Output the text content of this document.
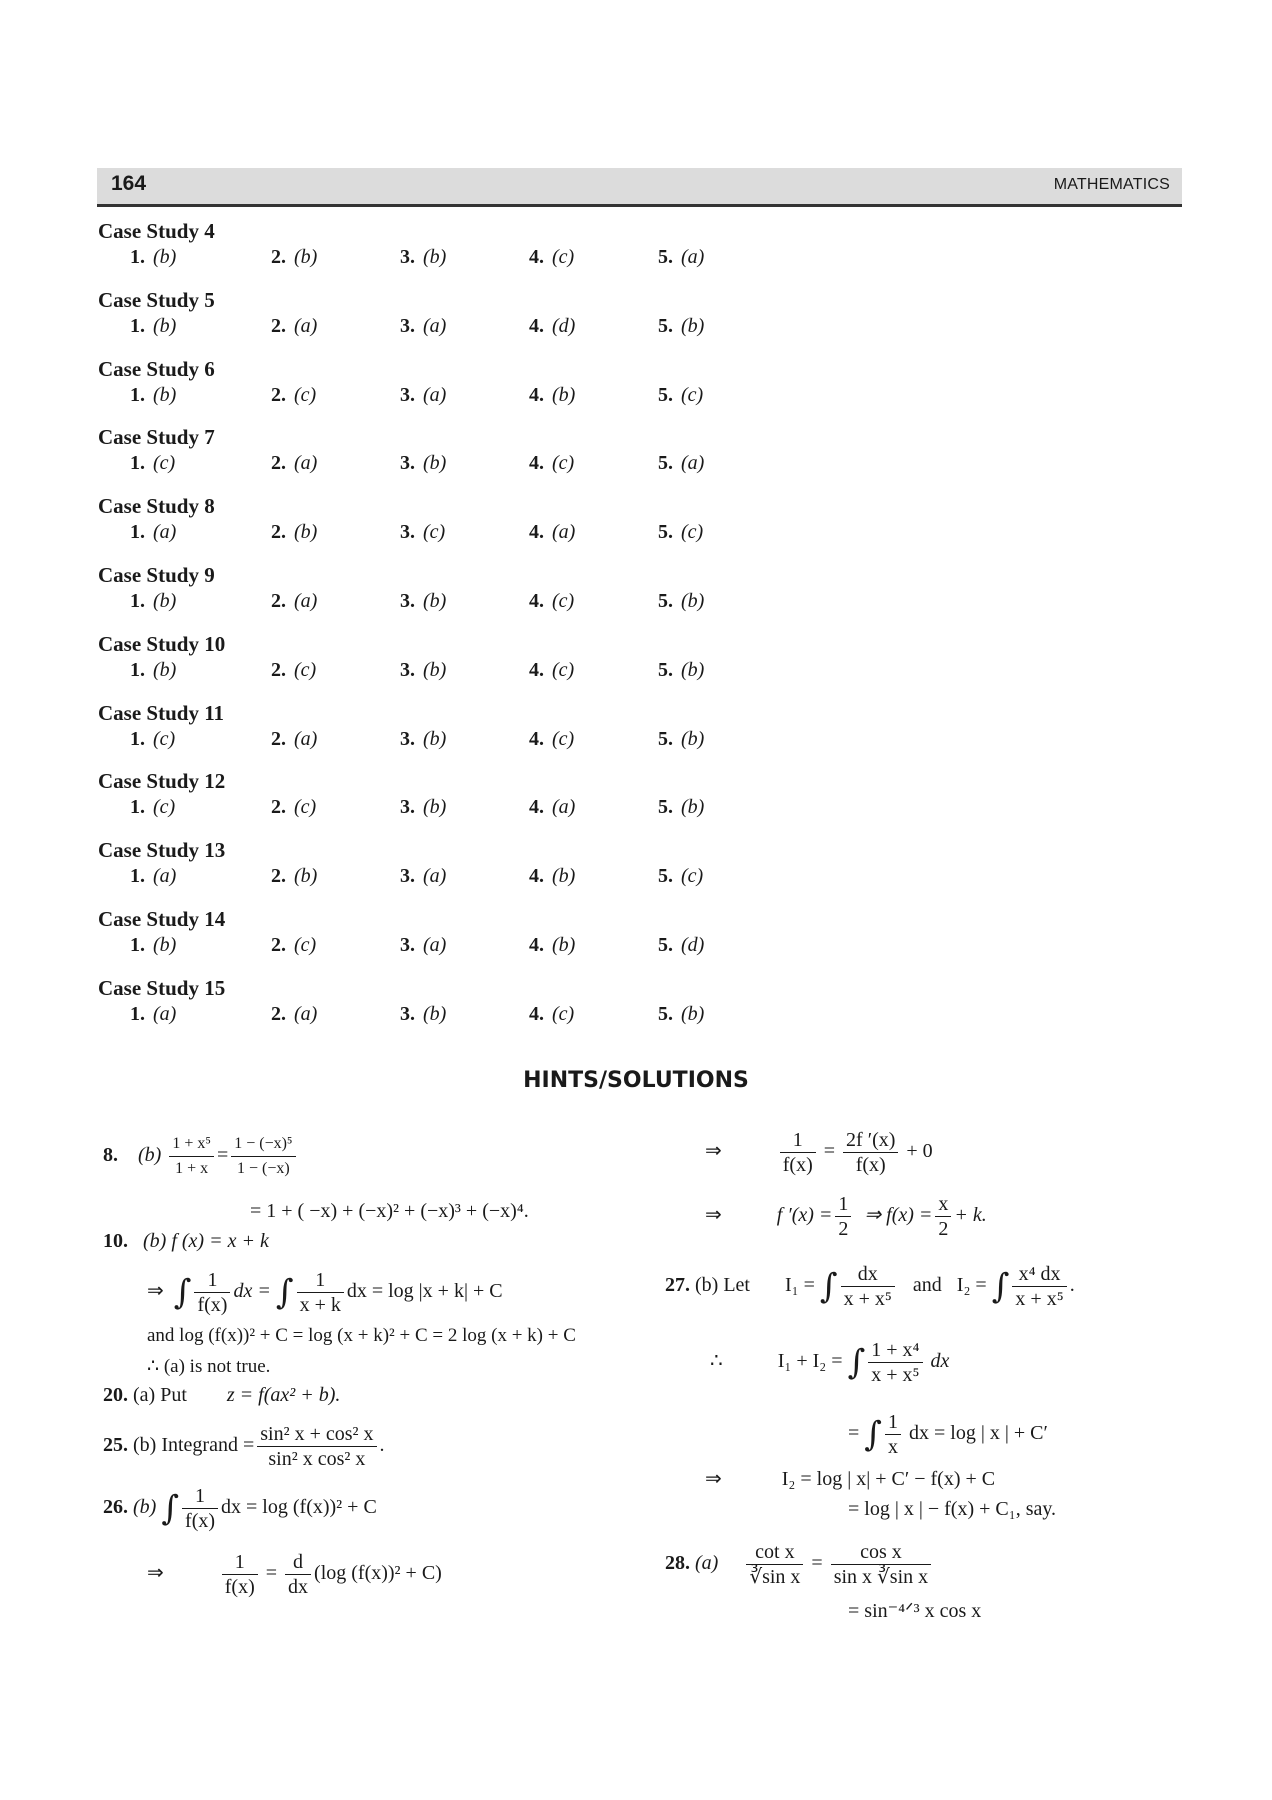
164	MATHEMATICS
Case Study 4
1. (b)	2. (b)	3. (b)	4. (c)	5. (a)
Case Study 5
1. (b)	2. (a)	3. (a)	4. (d)	5. (b)
Case Study 6
1. (b)	2. (c)	3. (a)	4. (b)	5. (c)
Case Study 7
1. (c)	2. (a)	3. (b)	4. (c)	5. (a)
Case Study 8
1. (a)	2. (b)	3. (c)	4. (a)	5. (c)
Case Study 9
1. (b)	2. (a)	3. (b)	4. (c)	5. (b)
Case Study 10
1. (b)	2. (c)	3. (b)	4. (c)	5. (b)
Case Study 11
1. (c)	2. (a)	3. (b)	4. (c)	5. (b)
Case Study 12
1. (c)	2. (c)	3. (b)	4. (a)	5. (b)
Case Study 13
1. (a)	2. (b)	3. (a)	4. (b)	5. (c)
Case Study 14
1. (b)	2. (c)	3. (a)	4. (b)	5. (d)
Case Study 15
1. (a)	2. (a)	3. (b)	4. (c)	5. (b)
HINTS/SOLUTIONS
8. $(b) \frac{\text{1 + x⁵}}{1 + x} = \frac{\text{1 − (−x)⁵}}{1 - (-x)}$
= 1 + ( −x) + (−x)² + (−x)³ + (−x)⁴.
10. (b) f (x) = x + k
⇒ ∫ $\frac{1}{f(x)}$ dx = ∫ $\frac{1}{x + k}$ dx = log |x + k| + C
and log (f(x))² + C = log (x + k)² + C = 2 log (x + k) + C
∴ (a) is not true.
20. (a) Put z = f(ax² + b).
25. (b) Integrand = $\frac{\text{sin² x + cos² x}}{\text{sin² x cos² x}}$ .
26. (b) ∫ $\frac{1}{f(x)}$ dx = log (f(x))² + C
⇒	$\frac{1}{f(x)} = \frac{d}{dx} (\log$ (f(x))² + C)
⇒	$\frac{1}{f(x)} = \frac{2f '(x)}{f(x)} + 0$
⇒	f $'(x) = \frac{1}{2}$ ⇒ $f(x) = \frac{x}{2} + k$.
27. (b) Let I₁ = ∫ $\frac{dx}{\text{x + x⁵}}$ and I₂ = ∫ $\frac{\text{x⁴ dx}}{\text{x + x⁵}}$ .
∴	I₁ + I₂ = ∫ $\frac{\text{1 + x⁴}}{\text{x + x⁵}}$ dx
= ∫ $\frac{1}{x}$ dx = log | x | + C′
⇒	I₂ = log | x| + C′ − f(x) + C
= log | x | − f(x) + C₁, say.
28. $(a) \frac{\text{cot x}}{\text{∛sin x}} = \frac{\text{cos x}}{\text{sin x ∛sin x}}$
= sin⁻⁴ᐟ³ x cos x
